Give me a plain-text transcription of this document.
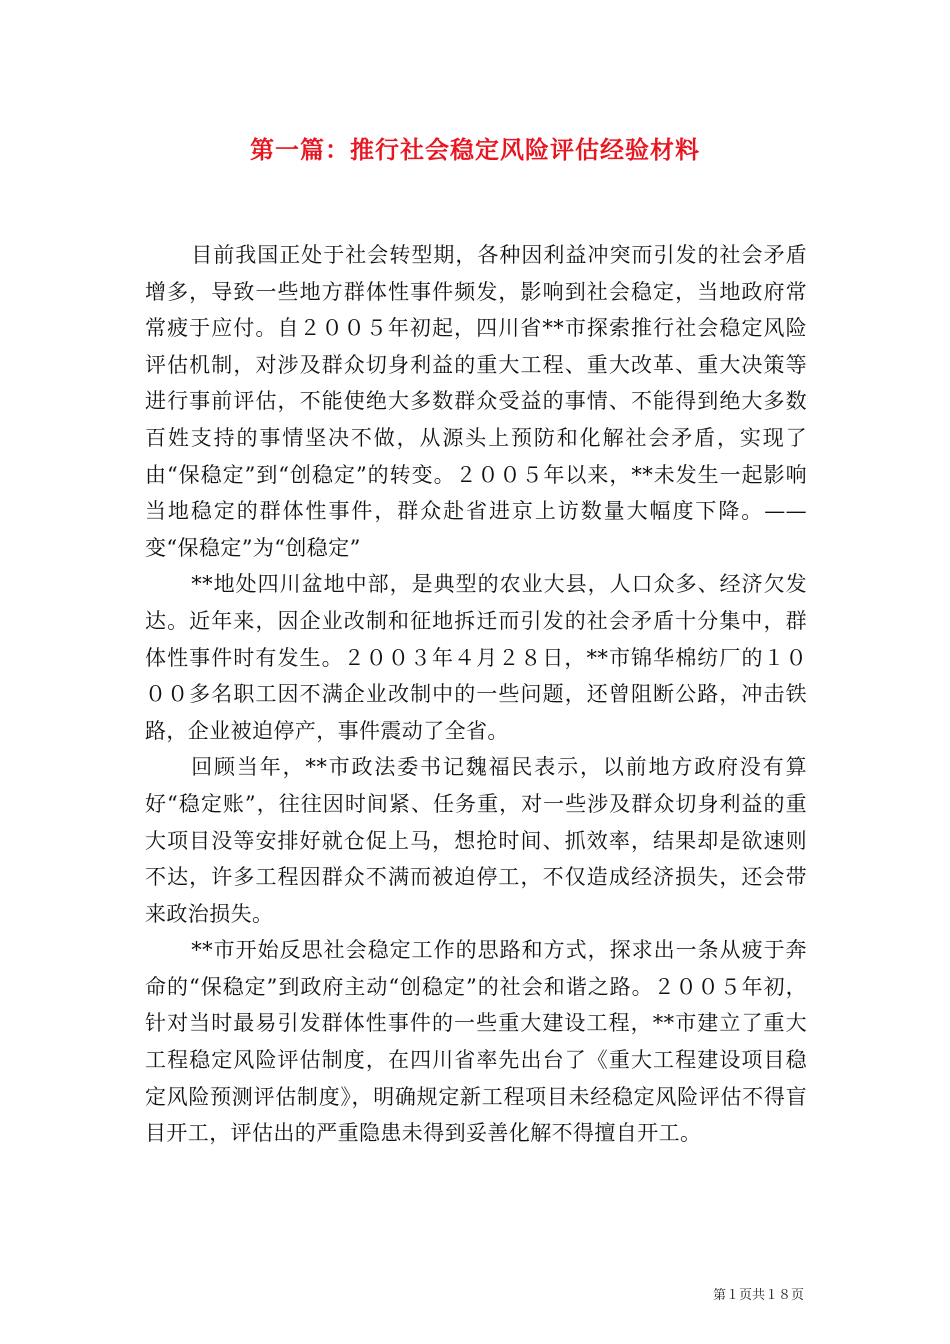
第一篇：推行社会稳定风险评估经验材料

目前我国正处于社会转型期，各种因利益冲突而引发的社会矛盾增多，导致一些地方群体性事件频发，影响到社会稳定，当地政府常常疲于应付。自２００５年初起，四川省**市探索推行社会稳定风险评估机制，对涉及群众切身利益的重大工程、重大改革、重大决策等进行事前评估，不能使绝大多数群众受益的事情、不能得到绝大多数百姓支持的事情坚决不做，从源头上预防和化解社会矛盾，实现了由“保稳定”到“创稳定”的转变。２００５年以来，**未发生一起影响当地稳定的群体性事件，群众赴省进京上访数量大幅度下降。——变“保稳定”为“创稳定”

**地处四川盆地中部，是典型的农业大县，人口众多、经济欠发达。近年来，因企业改制和征地拆迁而引发的社会矛盾十分集中，群体性事件时有发生。２００３年４月２８日，**市锦华棉纺厂的１０００多名职工因不满企业改制中的一些问题，还曾阻断公路，冲击铁路，企业被迫停产，事件震动了全省。

回顾当年，**市政法委书记魏福民表示，以前地方政府没有算好“稳定账”，往往因时间紧、任务重，对一些涉及群众切身利益的重大项目没等安排好就仓促上马，想抢时间、抓效率，结果却是欲速则不达，许多工程因群众不满而被迫停工，不仅造成经济损失，还会带来政治损失。

**市开始反思社会稳定工作的思路和方式，探求出一条从疲于奔命的“保稳定”到政府主动“创稳定”的社会和谐之路。２００５年初，针对当时最易引发群体性事件的一些重大建设工程，**市建立了重大工程稳定风险评估制度，在四川省率先出台了《重大工程建设项目稳定风险预测评估制度》，明确规定新工程项目未经稳定风险评估不得盲目开工，评估出的严重隐患未得到妥善化解不得擅自开工。

第１页共１８页
